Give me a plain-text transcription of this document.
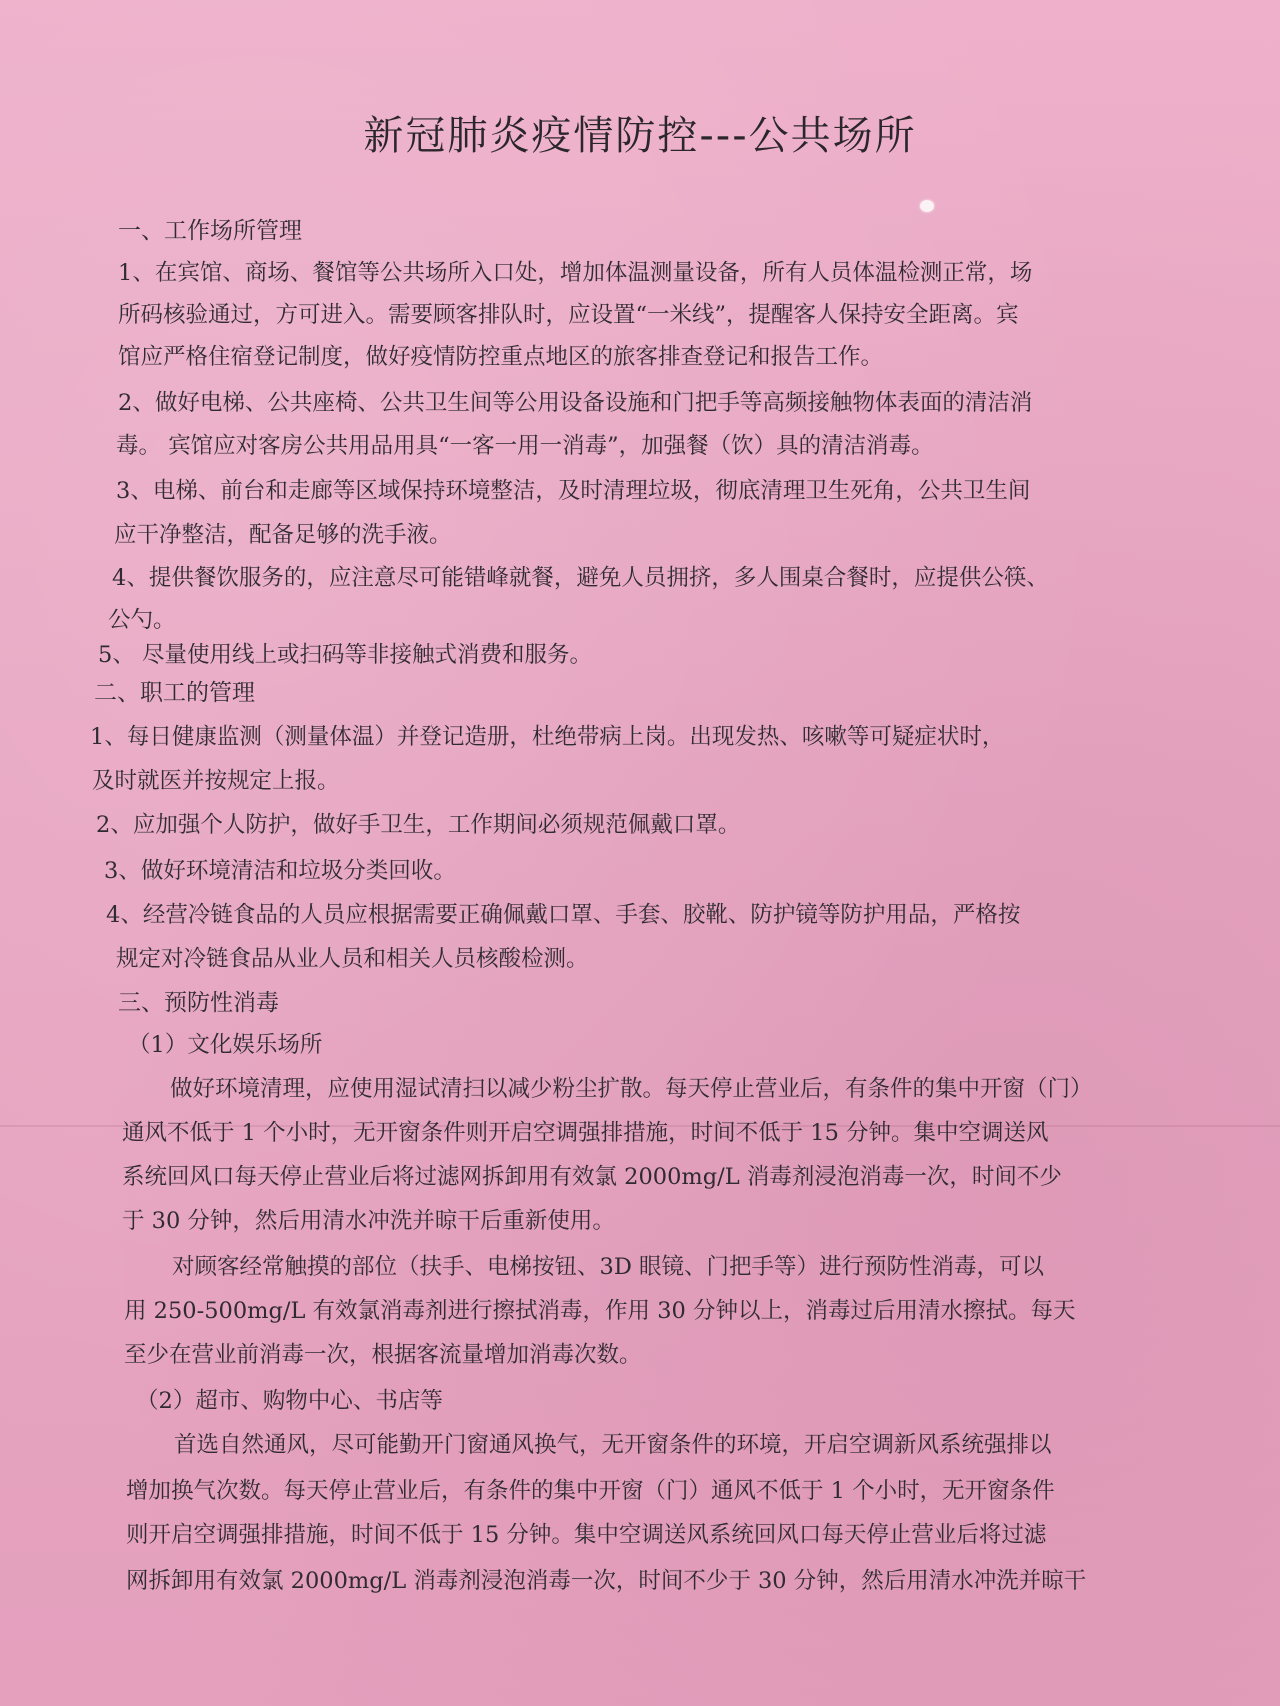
新冠肺炎疫情防控---公共场所

一、工作场所管理

1、在宾馆、商场、餐馆等公共场所入口处，增加体温测量设备，所有人员体温检测正常，场

所码核验通过，方可进入。需要顾客排队时，应设置“一米线”，提醒客人保持安全距离。宾

馆应严格住宿登记制度，做好疫情防控重点地区的旅客排查登记和报告工作。

2、做好电梯、公共座椅、公共卫生间等公用设备设施和门把手等高频接触物体表面的清洁消

毒。 宾馆应对客房公共用品用具“一客一用一消毒”，加强餐（饮）具的清洁消毒。

3、电梯、前台和走廊等区域保持环境整洁，及时清理垃圾，彻底清理卫生死角，公共卫生间

应干净整洁，配备足够的洗手液。

4、提供餐饮服务的，应注意尽可能错峰就餐，避免人员拥挤，多人围桌合餐时，应提供公筷、

公勺。

5、 尽量使用线上或扫码等非接触式消费和服务。

二、职工的管理

1、每日健康监测（测量体温）并登记造册，杜绝带病上岗。出现发热、咳嗽等可疑症状时，

及时就医并按规定上报。

2、应加强个人防护，做好手卫生，工作期间必须规范佩戴口罩。

3、做好环境清洁和垃圾分类回收。

4、经营冷链食品的人员应根据需要正确佩戴口罩、手套、胶靴、防护镜等防护用品，严格按

规定对冷链食品从业人员和相关人员核酸检测。

三、预防性消毒

（1）文化娱乐场所

做好环境清理，应使用湿试清扫以减少粉尘扩散。每天停止营业后，有条件的集中开窗（门）

通风不低于 1 个小时，无开窗条件则开启空调强排措施，时间不低于 15 分钟。集中空调送风

系统回风口每天停止营业后将过滤网拆卸用有效氯 2000mg/L 消毒剂浸泡消毒一次，时间不少

于 30 分钟，然后用清水冲洗并晾干后重新使用。

对顾客经常触摸的部位（扶手、电梯按钮、3D 眼镜、门把手等）进行预防性消毒，可以

用 250-500mg/L 有效氯消毒剂进行擦拭消毒，作用 30 分钟以上，消毒过后用清水擦拭。每天

至少在营业前消毒一次，根据客流量增加消毒次数。

（2）超市、购物中心、书店等

首选自然通风，尽可能勤开门窗通风换气，无开窗条件的环境，开启空调新风系统强排以

增加换气次数。每天停止营业后，有条件的集中开窗（门）通风不低于 1 个小时，无开窗条件

则开启空调强排措施，时间不低于 15 分钟。集中空调送风系统回风口每天停止营业后将过滤

网拆卸用有效氯 2000mg/L 消毒剂浸泡消毒一次，时间不少于 30 分钟，然后用清水冲洗并晾干
